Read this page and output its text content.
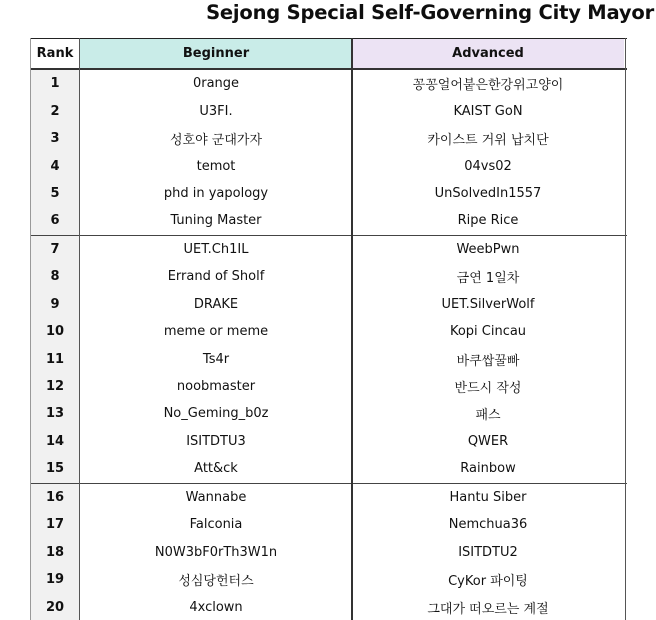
Sejong Special Self-Governing City Mayor
Rank	Beginner	Advanced
1	0range	꽁꽁얼어붙은한강위고양이
2	U3FI.	KAIST GoN
3	성호야 군대가자	카이스트 거위 납치단
4	temot	04vs02
5	phd in yapology	UnSolvedIn1557
6	Tuning Master	Ripe Rice
7	UET.Ch1IL	WeebPwn
8	Errand of Sholf	금연 1일차
9	DRAKE	UET.SilverWolf
10	meme or meme	Kopi Cincau
11	Ts4r	바쿠쌉꿀빠
12	noobmaster	반드시 작성
13	No_Geming_b0z	패스
14	ISITDTU3	QWER
15	Att&ck	Rainbow
16	Wannabe	Hantu Siber
17	Falconia	Nemchua36
18	N0W3bF0rTh3W1n	ISITDTU2
19	성심당헌터스	CyKor 파이팅
20	4xclown	그대가 떠오르는 계절
